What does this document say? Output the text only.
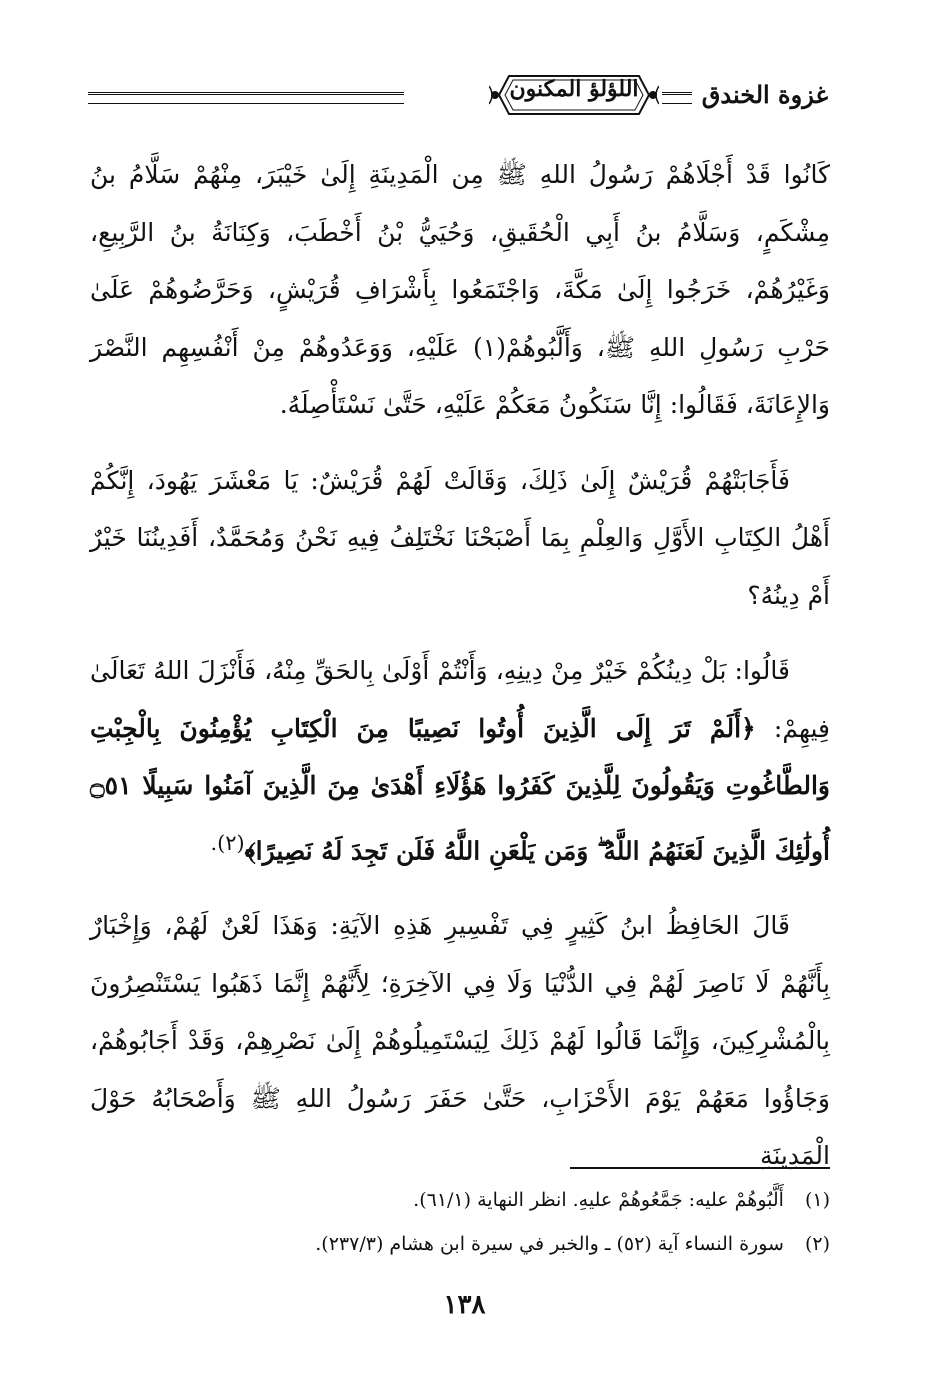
اللؤلؤ المكنون	غزوة الخندق

كَانُوا قَدْ أَجْلَاهُمْ رَسُولُ اللهِ ﷺ مِن الْمَدِينَةِ إِلَىٰ خَيْبَرَ، مِنْهُمْ سَلَّامُ بنُ مِشْكَمٍ، وَسَلَّامُ بنُ أَبِي الْحُقَيقِ، وَحُيَيُّ بْنُ أَخْطَبَ، وَكِنَانَةُ بنُ الرَّبِيعِ، وَغَيْرُهُمْ، خَرَجُوا إِلَىٰ مَكَّةَ، وَاجْتَمَعُوا بِأَشْرَافِ قُرَيْشٍ، وَحَرَّضُوهُمْ عَلَىٰ حَرْبِ رَسُولِ اللهِ ﷺ، وَأَلَّبُوهُمْ(١) عَلَيْهِ، وَوَعَدُوهُمْ مِنْ أَنْفُسِهِم النَّصْرَ وَالإِعَانَةَ، فَقَالُوا: إِنَّا سَنَكُونُ مَعَكُمْ عَلَيْهِ، حَتَّىٰ نَسْتَأْصِلَهُ.

فَأَجَابَتْهُمْ قُرَيْشٌ إِلَىٰ ذَلِكَ، وَقَالَتْ لَهُمْ قُرَيْشٌ: يَا مَعْشَرَ يَهُودَ، إِنَّكُمْ أَهْلُ الكِتَابِ الأَوَّلِ وَالعِلْمِ بِمَا أَصْبَحْنَا نَخْتَلِفُ فِيهِ نَحْنُ وَمُحَمَّدٌ، أَفَدِينُنَا خَيْرٌ أَمْ دِينُهُ؟

قَالُوا: بَلْ دِينُكُمْ خَيْرٌ مِنْ دِينِهِ، وَأَنْتُمْ أَوْلَىٰ بِالحَقِّ مِنْهُ، فَأَنْزَلَ اللهُ تَعَالَىٰ فِيهِمْ: ﴿أَلَمْ تَرَ إِلَى الَّذِينَ أُوتُوا نَصِيبًا مِنَ الْكِتَابِ يُؤْمِنُونَ بِالْجِبْتِ وَالطَّاغُوتِ وَيَقُولُونَ لِلَّذِينَ كَفَرُوا هَؤُلَاءِ أَهْدَىٰ مِنَ الَّذِينَ آمَنُوا سَبِيلًا ۝٥١ أُولَٰئِكَ الَّذِينَ لَعَنَهُمُ اللَّهُ ۖ وَمَن يَلْعَنِ اللَّهُ فَلَن تَجِدَ لَهُ نَصِيرًا﴾$^{(٢).}$

قَالَ الحَافِظُ ابنُ كَثِيرٍ فِي تَفْسِيرِ هَذِهِ الآيَةِ: وَهَذَا لَعْنٌ لَهُمْ، وَإِخْبَارٌ بِأَنَّهُمْ لَا نَاصِرَ لَهُمْ فِي الدُّنْيَا وَلَا فِي الآخِرَةِ؛ لِأَنَّهُمْ إِنَّمَا ذَهَبُوا يَسْتَنْصِرُونَ بِالْمُشْرِكِينَ، وَإِنَّمَا قَالُوا لَهُمْ ذَلِكَ لِيَسْتَمِيلُوهُمْ إِلَىٰ نَصْرِهِمْ، وَقَدْ أَجَابُوهُمْ، وَجَاؤُوا مَعَهُمْ يَوْمَ الأَحْزَابِ، حَتَّىٰ حَفَرَ رَسُولُ اللهِ ﷺ وَأَصْحَابُهُ حَوْلَ الْمَدِينَةِ

(١) أَلَّبُوهُمْ عليه: جَمَّعُوهُمْ عليهِ. انظر النهاية (٦١/١).
(٢) سورة النساء آية (٥٢) ـ والخبر في سيرة ابن هشام (٢٣٧/٣).
١٣٨
